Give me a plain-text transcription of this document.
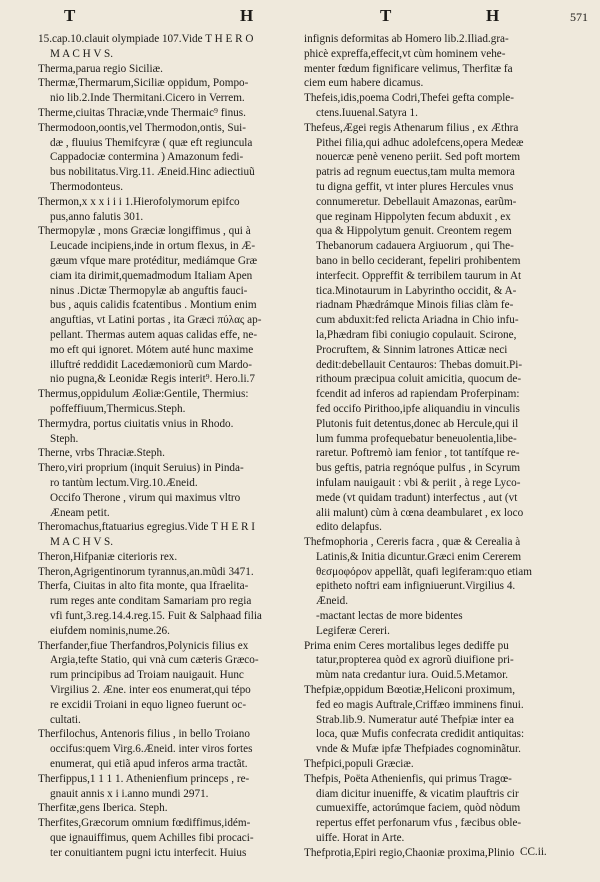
T	H	T	H	571
15.cap.10.clauit olympiade 107.Vide T H E R O
M A C H V S.
Therma,parua regio Siciliæ.
Thermæ,Thermarum,Siciliæ oppidum, Pompo-
nio lib.2.Inde Thermitani.Cicero in Verrem.
Therme,ciuitas Thraciæ,vnde Thermaic⁹ finus.
Thermodoon,oontis,vel Thermodon,ontis, Sui-
dæ , fluuius Themifcyræ ( quæ eft regiuncula
Cappadociæ contermina ) Amazonum fedi-
bus nobilitatus.Virg.11. Æneid.Hinc adiectiuũ
Thermodonteus.
Thermon,x x x i i i 1.Hierofolymorum epifco
pus,anno falutis 301.
Thermopylæ , mons Græciæ longiffimus , qui à
Leucade incipiens,inde in ortum flexus, in Æ-
gæum vfque mare protéditur, mediámque Græ
ciam ita dirimit,quemadmodum Italiam Apen
ninus .Dictæ Thermopylæ ab anguftis fauci-
bus , aquis calidis fcatentibus . Montium enim
anguftias, vt Latini portas , ita Græci πύλας ap-
pellant. Thermas autem aquas calidas effe, ne-
mo eft qui ignoret. Mótem auté hunc maxime
illuftré reddidit Lacedæmoniorũ cum Mardo-
nio pugna,& Leonidæ Regis interit⁹. Hero.li.7
Thermus,oppidulum Æoliæ:Gentile, Thermius:
poffeffiuum,Thermicus.Steph.
Thermydra, portus ciuitatis vnius in Rhodo.
Steph.
Therne, vrbs Thraciæ.Steph.
Thero,viri proprium (inquit Seruius) in Pinda-
ro tantùm lectum.Virg.10.Æneid.
Occifo Therone , virum qui maximus vltro
Æneam petit.
Theromachus,ftatuarius egregius.Vide T H E R I
M A C H V S.
Theron,Hifpaniæ citerioris rex.
Theron,Agrigentinorum tyrannus,an.mũdi 3471.
Therfa, Ciuitas in alto fita monte, qua Ifraelita-
rum reges ante conditam Samariam pro regia
vfi funt,3.reg.14.4.reg.15. Fuit & Salphaad filia
eiufdem nominis,nume.26.
Therfander,fiue Therfandros,Polynicis filius ex
Argia,tefte Statio, qui vnà cum cæteris Græco-
rum principibus ad Troiam nauigauit. Hunc
Virgilius 2. Æne. inter eos enumerat,qui tépo
re excidii Troiani in equo ligneo fuerunt oc-
cultati.
Therfilochus, Antenoris filius , in bello Troiano
occifus:quem Virg.6.Æneid. inter viros fortes
enumerat, qui etiã apud inferos arma tractãt.
Therfippus,1 1 1 1. Athenienfium princeps , re-
gnauit annis x i i.anno mundi 2971.
Therfitæ,gens Iberica. Steph.
Therfites,Græcorum omnium fœdiffimus,idém-
que ignauiffimus, quem Achilles fibi procaci-
ter conuitiantem pugni ictu interfecit. Huius
infignis deformitas ab Homero lib.2.Iliad.gra-
phicè expreffa,effecit,vt cùm hominem vehe-
menter fœdum fignificare velimus, Therfitæ fa
ciem eum habere dicamus.
Thefeis,idis,poema Codri,Thefei gefta comple-
ctens.Iuuenal.Satyra 1.
Thefeus,Ægei regis Athenarum filius , ex Æthra
Pithei filia,qui adhuc adolefcens,opera Medeæ
nouercæ penè veneno periit. Sed poft mortem
patris ad regnum euectus,tam multa memora
tu digna geffit, vt inter plures Hercules vnus
connumeretur. Debellauit Amazonas, earũm-
que reginam Hippolyten fecum abduxit , ex
qua & Hippolytum genuit. Creontem regem
Thebanorum cadauera Argiuorum , qui The-
bano in bello ceciderant, fepeliri prohibentem
interfecit. Oppreffit & terribilem taurum in At
tica.Minotaurum in Labyrintho occidit, & A-
riadnam Phædrámque Minois filias clàm fe-
cum abduxit:fed relicta Ariadna in Chio infu-
la,Phædram fibi coniugio copulauit. Scirone,
Procruftem, & Sinnim latrones Atticæ neci
dedit:debellauit Centauros: Thebas domuit.Pi-
rithoum præcipua coluit amicitia, quocum de-
fcendit ad inferos ad rapiendam Proferpinam:
fed occifo Pirithoo,ipfe aliquandiu in vinculis
Plutonis fuit detentus,donec ab Hercule,qui il
lum fumma profequebatur beneuolentia,libe-
raretur. Poftremò iam fenior , tot tantífque re-
bus geftis, patria regnóque pulfus , in Scyrum
infulam nauigauit : vbi & periit , à rege Lyco-
mede (vt quidam tradunt) interfectus , aut (vt
alii malunt) cùm à cœna deambularet , ex loco
edito delapfus.
Thefmophoria , Cereris facra , quæ & Cerealia à
Latinis,& Initia dicuntur.Græci enim Cererem
θεσμοφόρον appellãt, quafi legiferam:quo etiam
epitheto noftri eam infigniuerunt.Virgilius 4.
Æneid.
-mactant lectas de more bidentes
Legiferæ Cereri.
Prima enim Ceres mortalibus leges dediffe pu
tatur,propterea quòd ex agrorũ diuifione pri-
mùm nata credantur iura. Ouid.5.Metamor.
Thefpiæ,oppidum Bœotiæ,Heliconi proximum,
fed eo magis Auftrale,Criffæo imminens finui.
Strab.lib.9. Numeratur auté Thefpiæ inter ea
loca, quæ Mufis confecrata credidit antiquitas:
vnde & Mufæ ipfæ Thefpiades cognominãtur.
Thefpici,populi Græciæ.
Thefpis, Poëta Athenienfis, qui primus Tragœ-
diam dicitur inueniffe, & vicatim plauftris cir
cumuexiffe, actorúmque faciem, quòd nòdum
repertus effet perfonarum vfus , fæcibus oble-
uiffe. Horat in Arte.
Thefprotia,Epiri regio,Chaoniæ proxima,Plinio CC.ii.
